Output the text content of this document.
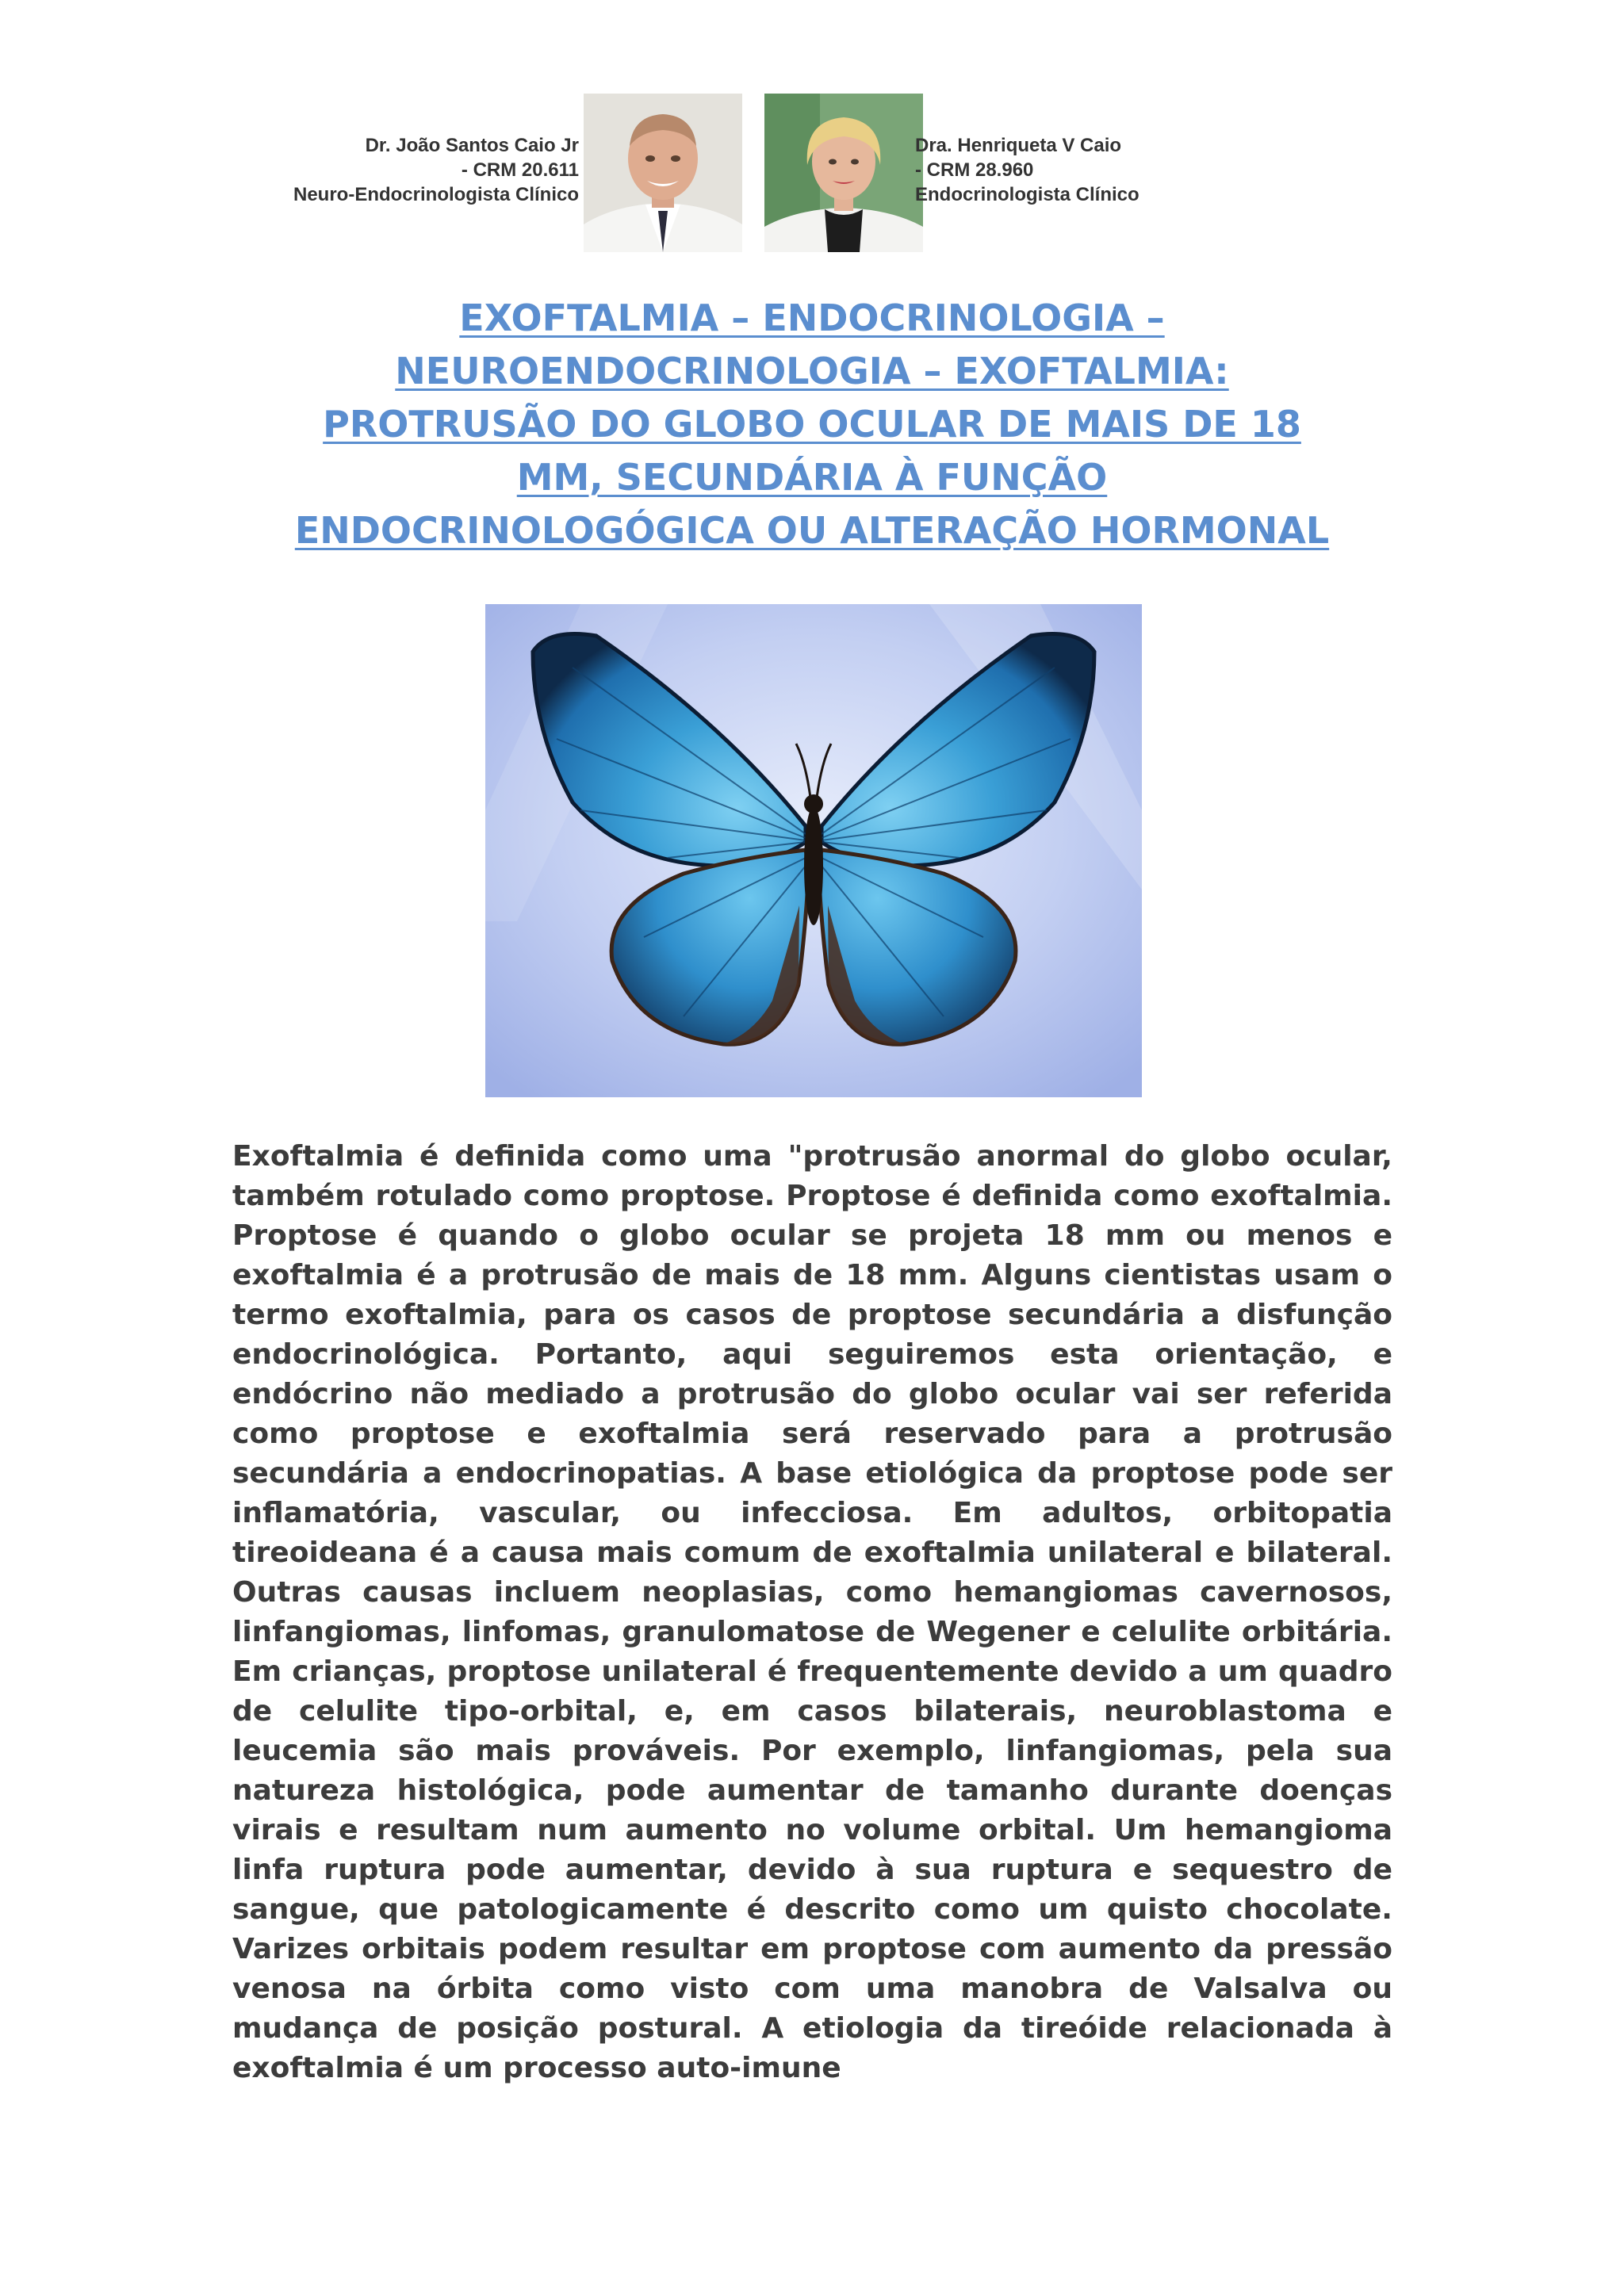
Dr. João Santos Caio Jr
- CRM 20.611
Neuro-Endocrinologista Clínico
Dra. Henriqueta V Caio
- CRM 28.960
Endocrinologista Clínico
EXOFTALMIA – ENDOCRINOLOGIA –
NEUROENDOCRINOLOGIA – EXOFTALMIA:
PROTRUSÃO DO GLOBO OCULAR DE MAIS DE 18
MM, SECUNDÁRIA À FUNÇÃO
ENDOCRINOLOGÓGICA OU ALTERAÇÃO HORMONAL

Exoftalmia é definida como uma "protrusão anormal do globo ocular, também rotulado como proptose. Proptose é definida como exoftalmia. Proptose é quando o globo ocular se projeta 18 mm ou menos e exoftalmia é a protrusão de mais de 18 mm. Alguns cientistas usam o termo exoftalmia, para os casos de proptose secundária a disfunção endocrinológica. Portanto, aqui seguiremos esta orientação, e endócrino não mediado a protrusão do globo ocular vai ser referida como proptose e exoftalmia será reservado para a protrusão secundária a endocrinopatias. A base etiológica da proptose pode ser inflamatória, vascular, ou infecciosa. Em adultos, orbitopatia tireoideana é a causa mais comum de exoftalmia unilateral e bilateral. Outras causas incluem neoplasias, como hemangiomas cavernosos, linfangiomas, linfomas, granulomatose de Wegener e celulite orbitária. Em crianças, proptose unilateral é frequentemente devido a um quadro de celulite tipo-orbital, e, em casos bilaterais, neuroblastoma e leucemia são mais prováveis. Por exemplo, linfangiomas, pela sua natureza histológica, pode aumentar de tamanho durante doenças virais e resultam num aumento no volume orbital. Um hemangioma linfa ruptura pode aumentar, devido à sua ruptura e sequestro de sangue, que patologicamente é descrito como um quisto chocolate. Varizes orbitais podem resultar em proptose com aumento da pressão venosa na órbita como visto com uma manobra de Valsalva ou mudança de posição postural. A etiologia da tireóide relacionada à exoftalmia é um processo auto-imune
